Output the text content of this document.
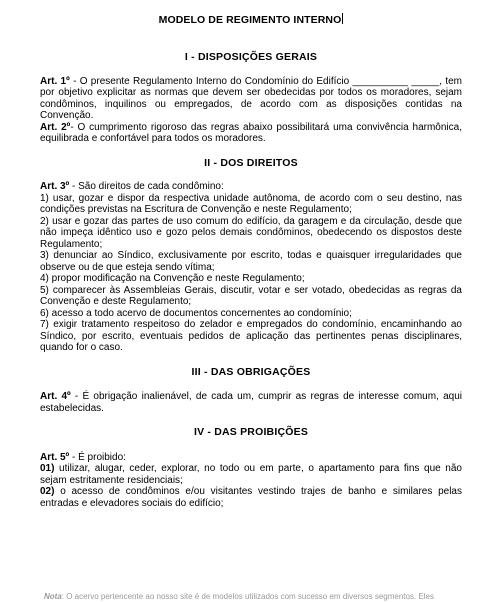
MODELO DE REGIMENTO INTERNO
I - DISPOSIÇÕES GERAIS

Art. 1º - O presente Regulamento Interno do Condomínio do Edifício __________ _____, tem por objetivo explicitar as normas que devem ser obedecidas por todos os moradores, sejam condôminos, inquilinos ou empregados, de acordo com as disposições contidas na Convenção.

Art. 2º- O cumprimento rigoroso das regras abaixo possibilitará uma convivência harmônica, equilibrada e confortável para todos os moradores.

II - DOS DIREITOS

Art. 3º - São direitos de cada condômino:

1) usar, gozar e dispor da respectiva unidade autônoma, de acordo com o seu destino, nas condições previstas na Escritura de Convenção e neste Regulamento;

2) usar e gozar das partes de uso comum do edifício, da garagem e da circulação, desde que não impeça idêntico uso e gozo pelos demais condôminos, obedecendo os dispostos deste Regulamento;

3) denunciar ao Síndico, exclusivamente por escrito, todas e quaisquer irregularidades que observe ou de que esteja sendo vítima;

4) propor modificação na Convenção e neste Regulamento;

5) comparecer às Assembleias Gerais, discutir, votar e ser votado, obedecidas as regras da Convenção e deste Regulamento;

6) acesso a todo acervo de documentos concernentes ao condomínio;

7) exigir tratamento respeitoso do zelador e empregados do condomínio, encaminhando ao Síndico, por escrito, eventuais pedidos de aplicação das pertinentes penas disciplinares, quando for o caso.

III - DAS OBRIGAÇÕES

Art. 4º - É obrigação inalienável, de cada um, cumprir as regras de interesse comum, aqui estabelecidas.

IV - DAS PROIBIÇÕES

Art. 5º - É proibido:

01) utilizar, alugar, ceder, explorar, no todo ou em parte, o apartamento para fins que não sejam estritamente residenciais;

02) o acesso de condôminos e/ou visitantes vestindo trajes de banho e similares pelas entradas e elevadores sociais do edifício;

Nota: O acervo pertencente ao nosso site é de modelos utilizados com sucesso em diversos segmentos. Eles
